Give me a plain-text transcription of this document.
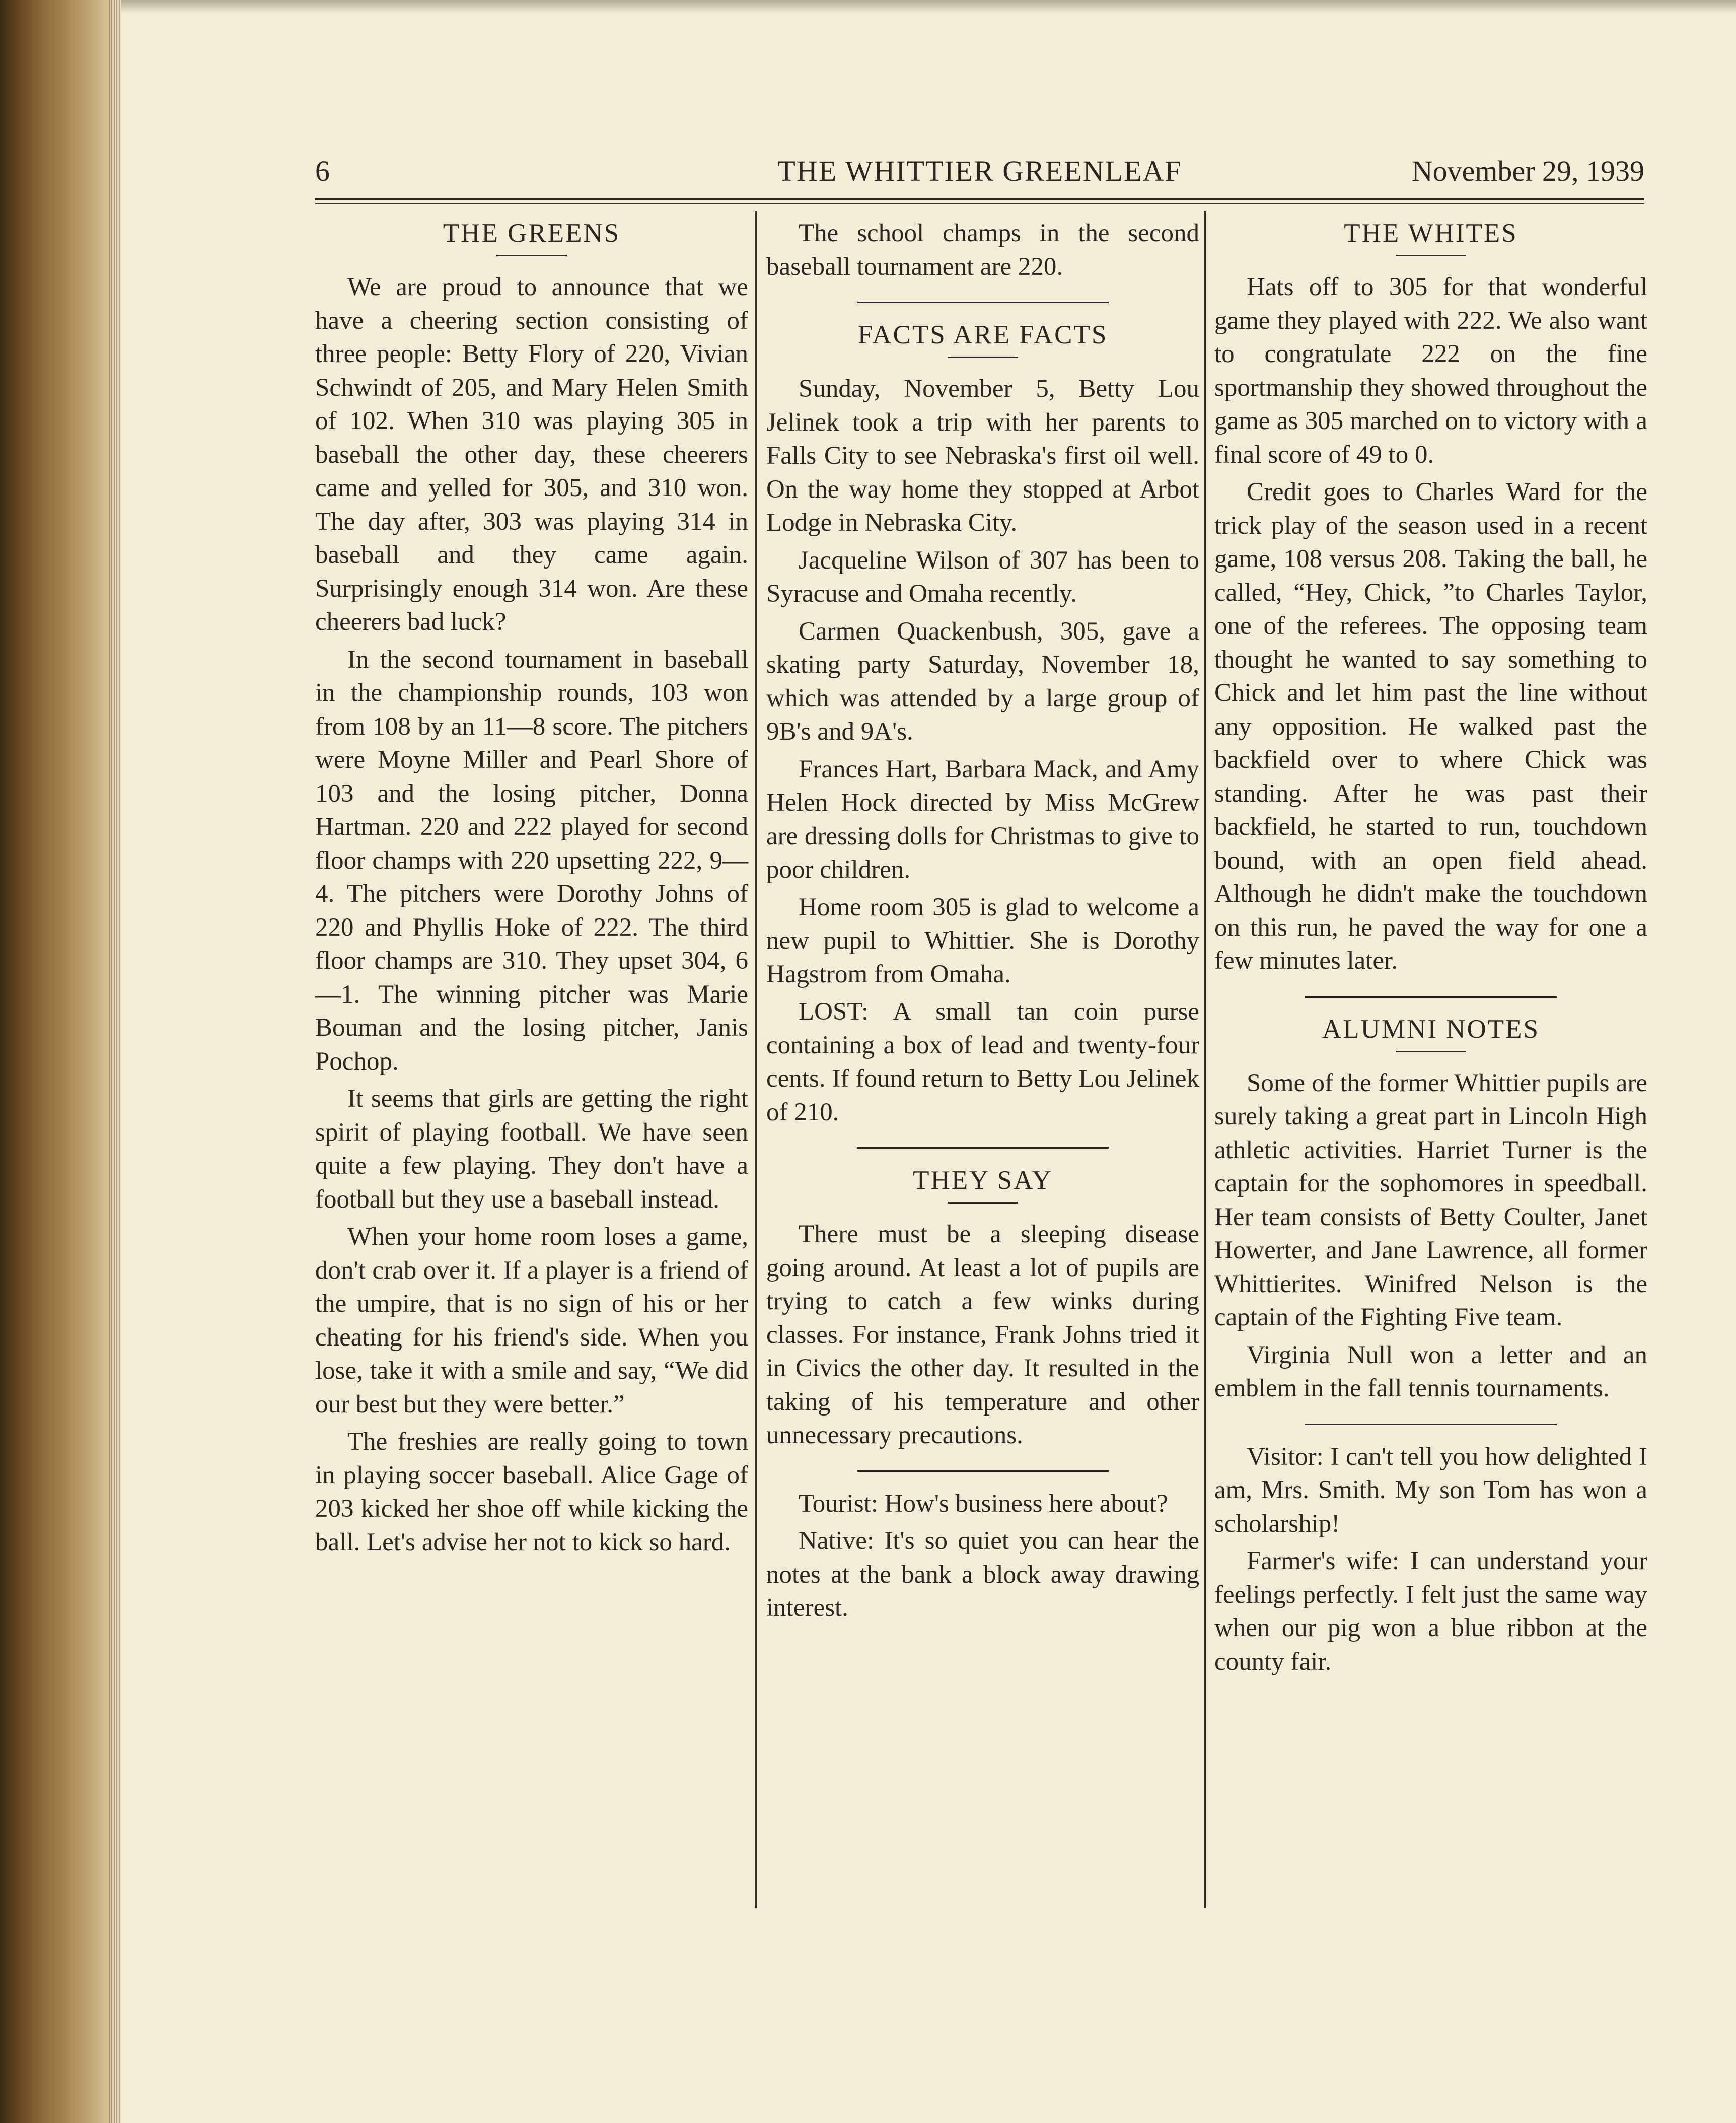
THE WHITTIER GREENLEAF
6	November 29, 1939
THE GREENS

We are proud to announce that we have a cheering section consisting of three people: Betty Flory of 220, Vivian Schwindt of 205, and Mary Helen Smith of 102. When 310 was playing 305 in baseball the other day, these cheerers came and yelled for 305, and 310 won. The day after, 303 was playing 314 in baseball and they came again. Surprisingly enough 314 won. Are these cheerers bad luck?

In the second tournament in baseball in the championship rounds, 103 won from 108 by an 11—8 score. The pitchers were Moyne Miller and Pearl Shore of 103 and the losing pitcher, Donna Hartman. 220 and 222 played for second floor champs with 220 upsetting 222, 9—4. The pitchers were Dorothy Johns of 220 and Phyllis Hoke of 222. The third floor champs are 310. They upset 304, 6—1. The winning pitcher was Marie Bouman and the losing pitcher, Janis Pochop.

It seems that girls are getting the right spirit of playing football. We have seen quite a few playing. They don't have a football but they use a baseball instead.

When your home room loses a game, don't crab over it. If a player is a friend of the umpire, that is no sign of his or her cheating for his friend's side. When you lose, take it with a smile and say, “We did our best but they were better.”

The freshies are really going to town in playing soccer baseball. Alice Gage of 203 kicked her shoe off while kicking the ball. Let's advise her not to kick so hard.

The school champs in the second baseball tournament are 220.

FACTS ARE FACTS

Sunday, November 5, Betty Lou Jelinek took a trip with her parents to Falls City to see Nebraska's first oil well. On the way home they stopped at Arbot Lodge in Nebraska City.

Jacqueline Wilson of 307 has been to Syracuse and Omaha recently.

Carmen Quackenbush, 305, gave a skating party Saturday, November 18, which was attended by a large group of 9B's and 9A's.

Frances Hart, Barbara Mack, and Amy Helen Hock directed by Miss McGrew are dressing dolls for Christmas to give to poor children.

Home room 305 is glad to welcome a new pupil to Whittier. She is Dorothy Hagstrom from Omaha.

LOST: A small tan coin purse containing a box of lead and twenty-four cents. If found return to Betty Lou Jelinek of 210.

THEY SAY

There must be a sleeping disease going around. At least a lot of pupils are trying to catch a few winks during classes. For instance, Frank Johns tried it in Civics the other day. It resulted in the taking of his temperature and other unnecessary precautions.

Tourist: How's business here about?

Native: It's so quiet you can hear the notes at the bank a block away drawing interest.

THE WHITES

Hats off to 305 for that wonderful game they played with 222. We also want to congratulate 222 on the fine sportmanship they showed throughout the game as 305 marched on to victory with a final score of 49 to 0.

Credit goes to Charles Ward for the trick play of the season used in a recent game, 108 versus 208. Taking the ball, he called, “Hey, Chick, ”to Charles Taylor, one of the referees. The opposing team thought he wanted to say something to Chick and let him past the line without any opposition. He walked past the backfield over to where Chick was standing. After he was past their backfield, he started to run, touchdown bound, with an open field ahead. Although he didn't make the touchdown on this run, he paved the way for one a few minutes later.

ALUMNI NOTES

Some of the former Whittier pupils are surely taking a great part in Lincoln High athletic activities. Harriet Turner is the captain for the sophomores in speedball. Her team consists of Betty Coulter, Janet Howerter, and Jane Lawrence, all former Whittierites. Winifred Nelson is the captain of the Fighting Five team.

Virginia Null won a letter and an emblem in the fall tennis tournaments.

Visitor: I can't tell you how delighted I am, Mrs. Smith. My son Tom has won a scholarship!

Farmer's wife: I can understand your feelings perfectly. I felt just the same way when our pig won a blue ribbon at the county fair.
